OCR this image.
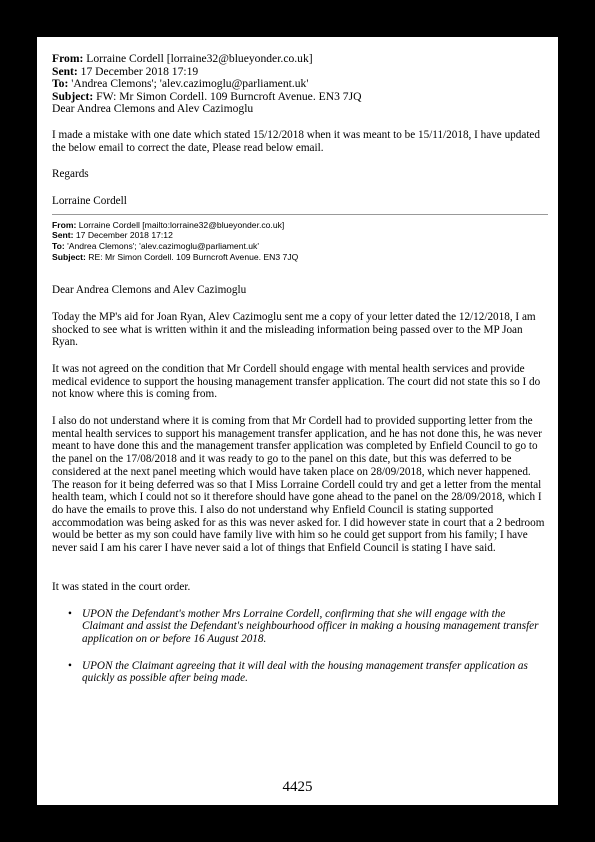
From: Lorraine Cordell [lorraine32@blueyonder.co.uk]
Sent: 17 December 2018 17:19
To: 'Andrea Clemons'; 'alev.cazimoglu@parliament.uk'
Subject: FW: Mr Simon Cordell. 109 Burncroft Avenue. EN3 7JQ
Dear Andrea Clemons and Alev Cazimoglu

I made a mistake with one date which stated 15/12/2018 when it was meant to be 15/11/2018, I have updated the below email to correct the date, Please read below email.

Regards

Lorraine Cordell

From: Lorraine Cordell [mailto:lorraine32@blueyonder.co.uk]
Sent: 17 December 2018 17:12
To: 'Andrea Clemons'; 'alev.cazimoglu@parliament.uk'
Subject: RE: Mr Simon Cordell. 109 Burncroft Avenue. EN3 7JQ

Dear Andrea Clemons and Alev Cazimoglu

Today the MP's aid for Joan Ryan, Alev Cazimoglu sent me a copy of your letter dated the 12/12/2018, I am shocked to see what is written within it and the misleading information being passed over to the MP Joan Ryan.

It was not agreed on the condition that Mr Cordell should engage with mental health services and provide medical evidence to support the housing management transfer application. The court did not state this so I do not know where this is coming from.

I also do not understand where it is coming from that Mr Cordell had to provided supporting letter from the mental health services to support his management transfer application, and he has not done this, he was never meant to have done this and the management transfer application was completed by Enfield Council to go to the panel on the 17/08/2018 and it was ready to go to the panel on this date, but this was deferred to be considered at the next panel meeting which would have taken place on 28/09/2018, which never happened.

The reason for it being deferred was so that I Miss Lorraine Cordell could try and get a letter from the mental health team, which I could not so it therefore should have gone ahead to the panel on the 28/09/2018, which I do have the emails to prove this. I also do not understand why Enfield Council is stating supported accommodation was being asked for as this was never asked for. I did however state in court that a 2 bedroom would be better as my son could have family live with him so he could get support from his family; I have never said I am his carer I have never said a lot of things that Enfield Council is stating I have said.

It was stated in the court order.

• UPON the Defendant's mother Mrs Lorraine Cordell, confirming that she will engage with the Claimant and assist the Defendant's neighbourhood officer in making a housing management transfer application on or before 16 August 2018.
• UPON the Claimant agreeing that it will deal with the housing management transfer application as quickly as possible after being made.
4425
